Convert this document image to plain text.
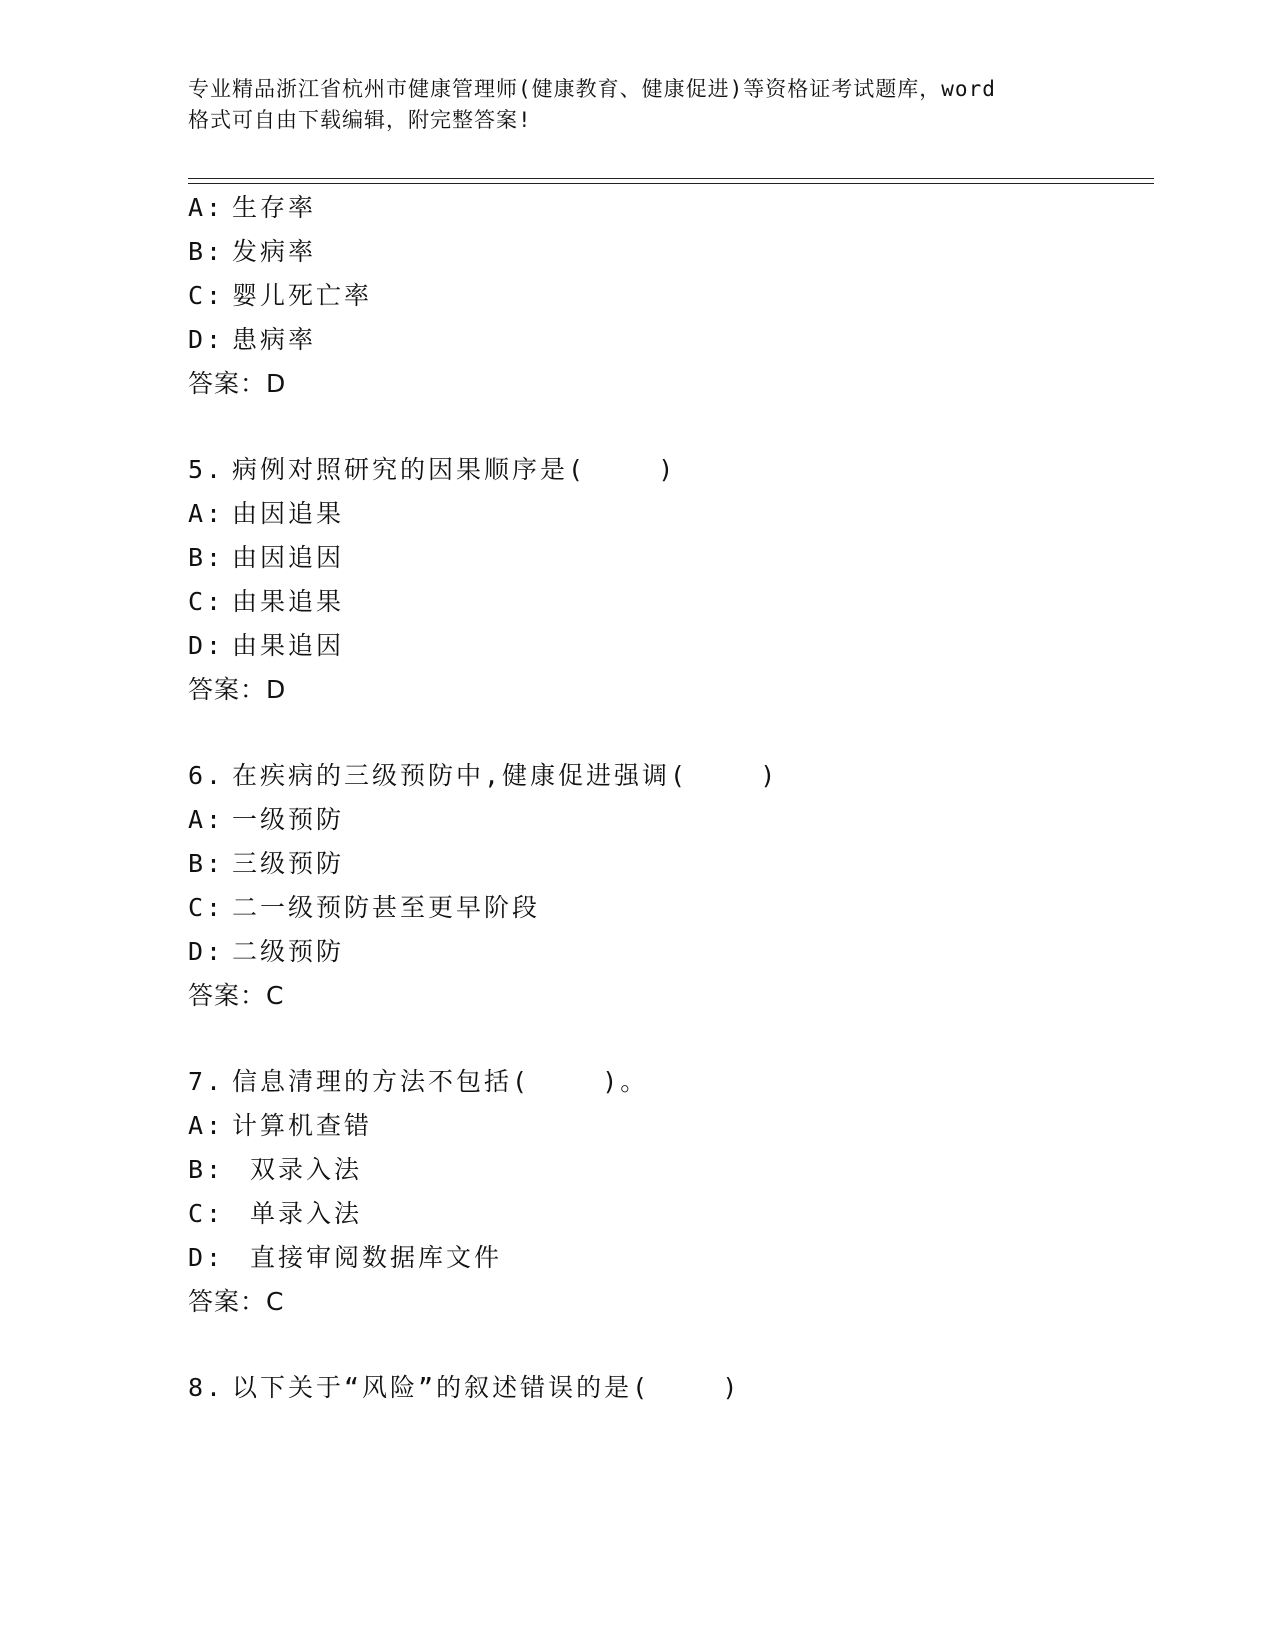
专业精品浙江省杭州市健康管理师(健康教育、健康促进)等资格证考试题库，word
格式可自由下载编辑，附完整答案!
A: 生存率
B: 发病率
C: 婴儿死亡率
D: 患病率
答案：D
5. 病例对照研究的因果顺序是(    )
A: 由因追果
B: 由因追因
C: 由果追果
D: 由果追因
答案：D
6. 在疾病的三级预防中,健康促进强调(    )
A: 一级预防
B: 三级预防
C: 二一级预防甚至更早阶段
D: 二级预防
答案：C
7. 信息清理的方法不包括(    )。
A: 计算机查错
B: 双录入法
C: 单录入法
D: 直接审阅数据库文件
答案：C
8. 以下关于“风险”的叙述错误的是(    )
